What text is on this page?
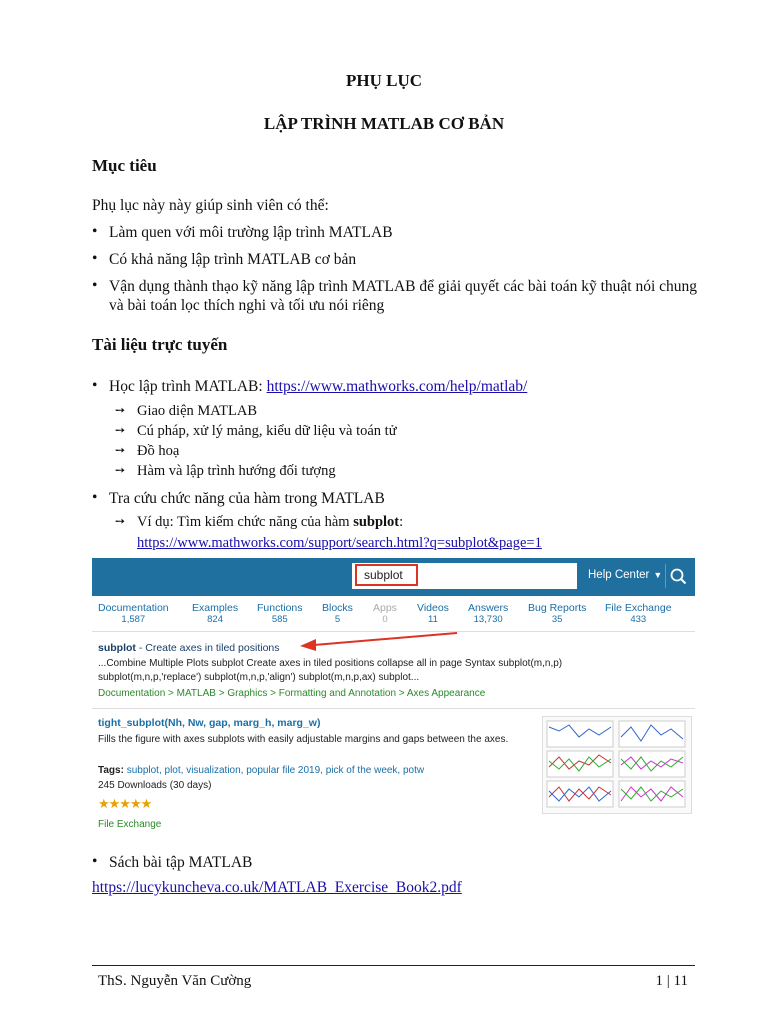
PHỤ LỤC
LẬP TRÌNH MATLAB CƠ BẢN
Mục tiêu
Phụ lục này này giúp sinh viên có thể:
• Làm quen với môi trường lập trình MATLAB
• Có khả năng lập trình MATLAB cơ bản
• Vận dụng thành thạo kỹ năng lập trình MATLAB để giải quyết các bài toán kỹ thuật nói chung và bài toán lọc thích nghi và tối ưu nói riêng
Tài liệu trực tuyến
• Học lập trình MATLAB: https://www.mathworks.com/help/matlab/
➙ Giao diện MATLAB
➙ Cú pháp, xử lý mảng, kiểu dữ liệu và toán tử
➙ Đồ hoạ
➙ Hàm và lập trình hướng đối tượng
• Tra cứu chức năng của hàm trong MATLAB
➙ Ví dụ: Tìm kiếm chức năng của hàm subplot:
https://www.mathworks.com/support/search.html?q=subplot&page=1
subplot	Help Center ▼
Documentation
1,587
Examples
824
Functions
585
Blocks
5
Apps
0
Videos
11
Answers
13,730
Bug Reports
35
File Exchange
433
subplot - Create axes in tiled positions
...Combine Multiple Plots subplot Create axes in tiled positions collapse all in page Syntax subplot(m,n,p)
subplot(m,n,p,'replace') subplot(m,n,p,'align') subplot(m,n,p,ax) subplot...
Documentation > MATLAB > Graphics > Formatting and Annotation > Axes Appearance
tight_subplot(Nh, Nw, gap, marg_h, marg_w)
Fills the figure with axes subplots with easily adjustable margins and gaps between the axes.
Tags: subplot, plot, visualization, popular file 2019, pick of the week, potw
245 Downloads (30 days)
★★★★★
File Exchange
• Sách bài tập MATLAB
https://lucykuncheva.co.uk/MATLAB_Exercise_Book2.pdf
ThS. Nguyễn Văn Cường	1 | 11
